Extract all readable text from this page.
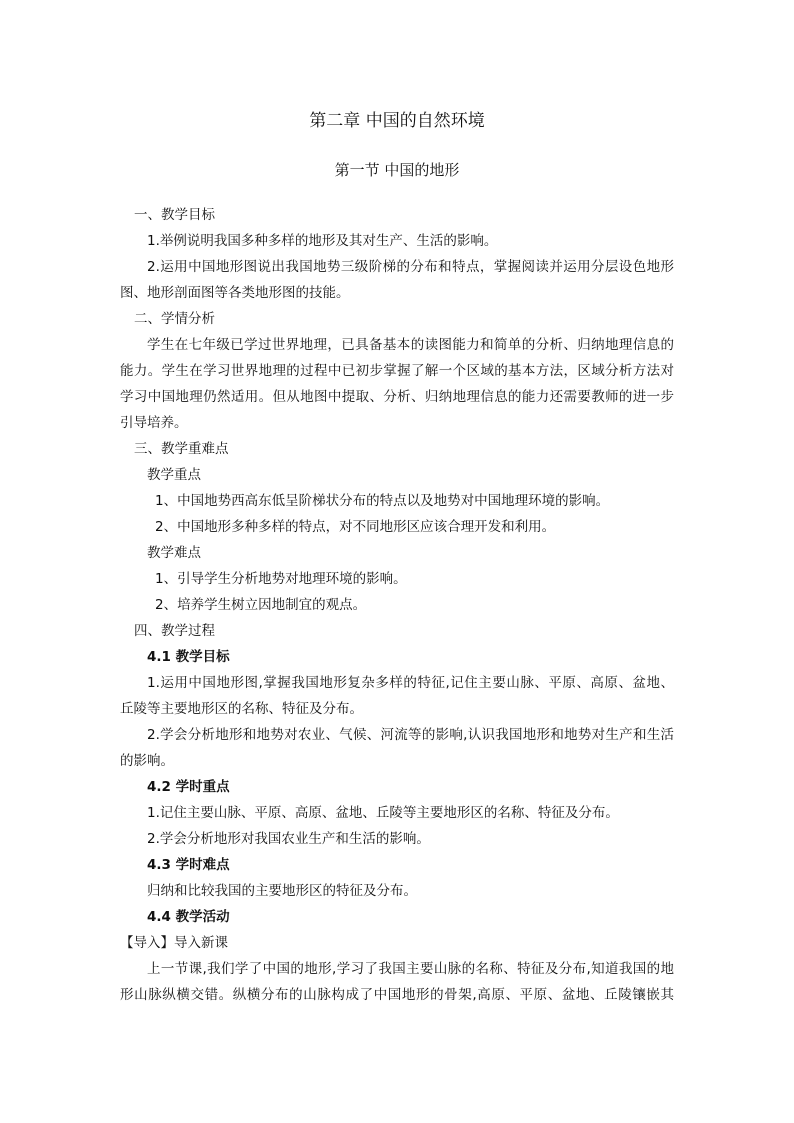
第二章 中国的自然环境
第一节 中国的地形
一、教学目标
1.举例说明我国多种多样的地形及其对生产、生活的影响。
2.运用中国地形图说出我国地势三级阶梯的分布和特点，掌握阅读并运用分层设色地形
图、地形剖面图等各类地形图的技能。
二、学情分析
学生在七年级已学过世界地理，已具备基本的读图能力和简单的分析、归纳地理信息的
能力。学生在学习世界地理的过程中已初步掌握了解一个区域的基本方法，区域分析方法对
学习中国地理仍然适用。但从地图中提取、分析、归纳地理信息的能力还需要教师的进一步
引导培养。
三、教学重难点
教学重点
1、中国地势西高东低呈阶梯状分布的特点以及地势对中国地理环境的影响。
2、中国地形多种多样的特点，对不同地形区应该合理开发和利用。
教学难点
1、引导学生分析地势对地理环境的影响。
2、培养学生树立因地制宜的观点。
四、教学过程
4.1 教学目标
1.运用中国地形图,掌握我国地形复杂多样的特征,记住主要山脉、平原、高原、盆地、
丘陵等主要地形区的名称、特征及分布。
2.学会分析地形和地势对农业、气候、河流等的影响,认识我国地形和地势对生产和生活
的影响。
4.2 学时重点
1.记住主要山脉、平原、高原、盆地、丘陵等主要地形区的名称、特征及分布。
2.学会分析地形对我国农业生产和生活的影响。
4.3 学时难点
归纳和比较我国的主要地形区的特征及分布。
4.4 教学活动
【导入】导入新课
上一节课,我们学了中国的地形,学习了我国主要山脉的名称、特征及分布,知道我国的地
形山脉纵横交错。纵横分布的山脉构成了中国地形的骨架,高原、平原、盆地、丘陵镶嵌其
